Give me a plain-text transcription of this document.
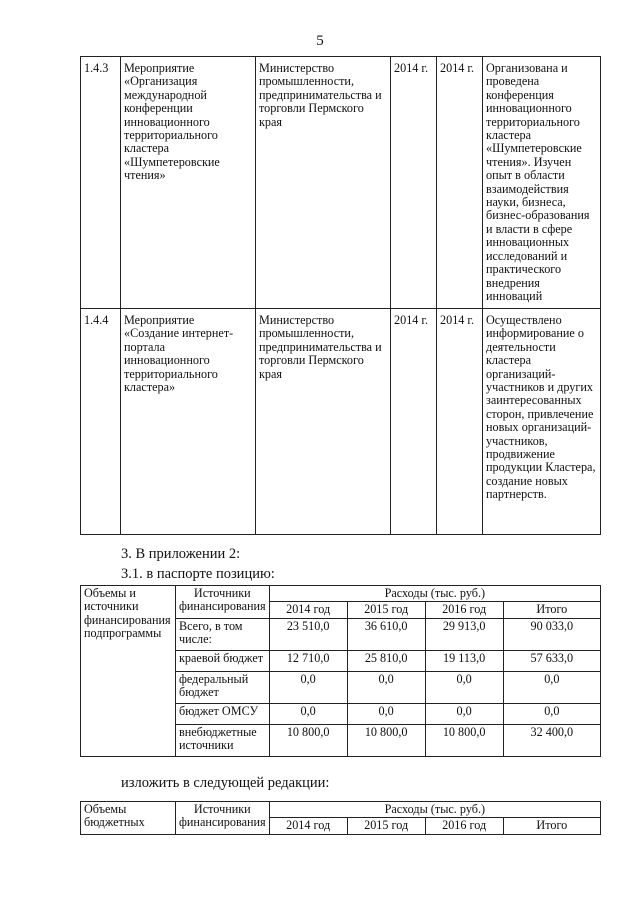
5
1.4.3	Мероприятие «Организация международной конференции инновационного территориального кластера «Шумпетеровские чтения»	Министерство промышленности, предпринимательства и торговли Пермского края	2014 г.	2014 г.	Организована и проведена конференция инновационного территориального кластера «Шумпетеровские чтения». Изучен опыт в области взаимодействия науки, бизнеса, бизнес-образования и власти в сфере инновационных исследований и практического внедрения инноваций
1.4.4	Мероприятие «Создание интернет-портала инновационного территориального кластера»	Министерство промышленности, предпринимательства и торговли Пермского края	2014 г.	2014 г.	Осуществлено информирование о деятельности кластера организаций-участников и других заинтересованных сторон, привлечение новых организаций-участников, продвижение продукции Кластера, создание новых партнерств.
3. В приложении 2:
3.1. в паспорте позицию:
Объемы и источники финансирования подпрограммы	Источники финансирования	Расходы (тыс. руб.)			
		2014 год	2015 год	2016 год	Итого
	Всего, в том числе:	23 510,0	36 610,0	29 913,0	90 033,0
	краевой бюджет	12 710,0	25 810,0	19 113,0	57 633,0
	федеральный бюджет	0,0	0,0	0,0	0,0
	бюджет ОМСУ	0,0	0,0	0,0	0,0
	внебюджетные источники	10 800,0	10 800,0	10 800,0	32 400,0
изложить в следующей редакции:
Объемы бюджетных	Источники финансирования	Расходы (тыс. руб.)			
		2014 год	2015 год	2016 год	Итого
